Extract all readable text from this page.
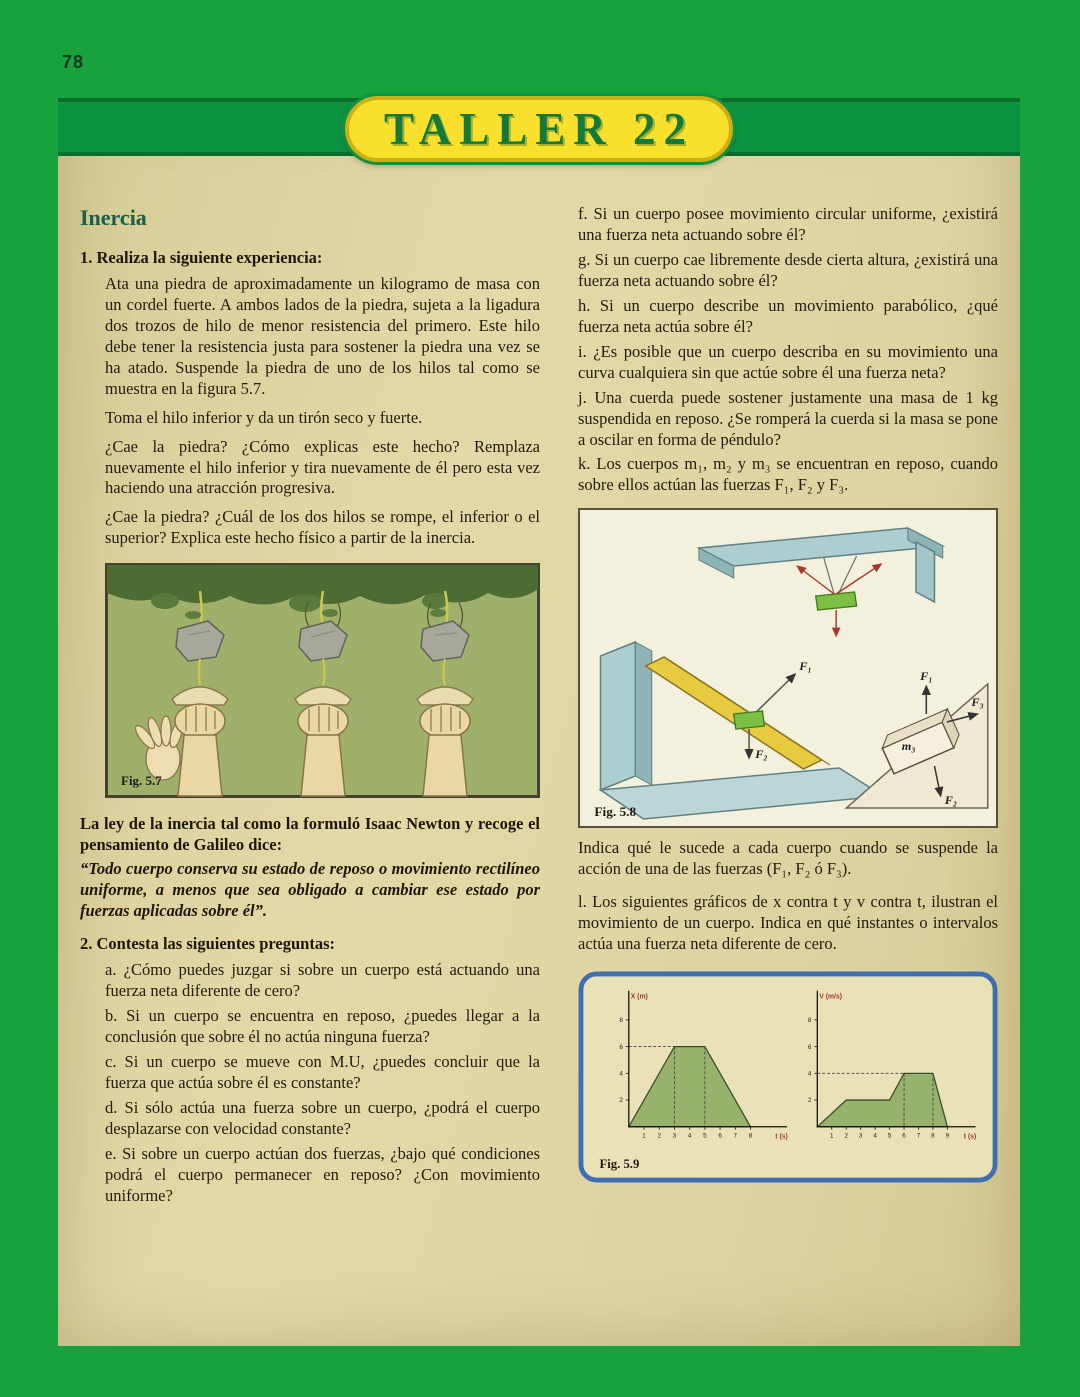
78
TALLER 22
Inercia

1. Realiza la siguiente experiencia:

Ata una piedra de aproximadamente un kilogramo de masa con un cordel fuerte. A ambos lados de la piedra, sujeta a la ligadura dos trozos de hilo de menor resistencia del primero. Este hilo debe tener la resistencia justa para sostener la piedra una vez se ha atado. Suspende la piedra de uno de los hilos tal como se muestra en la figura 5.7.

Toma el hilo inferior y da un tirón seco y fuerte.

¿Cae la piedra? ¿Cómo explicas este hecho? Remplaza nuevamente el hilo inferior y tira nuevamente de él pero esta vez haciendo una atracción progresiva.

¿Cae la piedra? ¿Cuál de los dos hilos se rompe, el inferior o el superior? Explica este hecho físico a partir de la inercia.

Fig. 5.7

La ley de la inercia tal como la formuló Isaac Newton y recoge el pensamiento de Galileo dice:

“Todo cuerpo conserva su estado de reposo o movimiento rectilíneo uniforme, a menos que sea obligado a cambiar ese estado por fuerzas aplicadas sobre él”.

2. Contesta las siguientes preguntas:

a. ¿Cómo puedes juzgar si sobre un cuerpo está actuando una fuerza neta diferente de cero?

b. Si un cuerpo se encuentra en reposo, ¿puedes llegar a la conclusión que sobre él no actúa ninguna fuerza?

c. Si un cuerpo se mueve con M.U, ¿puedes concluir que la fuerza que actúa sobre él es constante?

d. Si sólo actúa una fuerza sobre un cuerpo, ¿podrá el cuerpo desplazarse con velocidad constante?

e. Si sobre un cuerpo actúan dos fuerzas, ¿bajo qué condiciones podrá el cuerpo permanecer en reposo? ¿Con movimiento uniforme?

f. Si un cuerpo posee movimiento circular uniforme, ¿existirá una fuerza neta actuando sobre él?

g. Si un cuerpo cae libremente desde cierta altura, ¿existirá una fuerza neta actuando sobre él?

h. Si un cuerpo describe un movimiento parabólico, ¿qué fuerza neta actúa sobre él?

i. ¿Es posible que un cuerpo describa en su movimiento una curva cualquiera sin que actúe sobre él una fuerza neta?

j. Una cuerda puede sostener justamente una masa de 1 kg suspendida en reposo. ¿Se romperá la cuerda si la masa se pone a oscilar en forma de péndulo?

k. Los cuerpos m₁, m₂ y m₃ se encuentran en reposo, cuando sobre ellos actúan las fuerzas F₁, F₂ y F₃.

F₁
F₂
F₁
F₃
m₃
F₂
Fig. 5.8

Indica qué le sucede a cada cuerpo cuando se suspende la acción de una de las fuerzas (F₁, F₂ ó F₃).

l. Los siguientes gráficos de x contra t y v contra t, ilustran el movimiento de un cuerpo. Indica en qué instantes o intervalos actúa una fuerza neta diferente de cero.

1 2 3 4 5 6 7 8
2
4
6
8
X (m)
t (s)	1 2 3 4 5 6 7 8 9
2
4
6
8
V (m/s)
t (s)
Fig. 5.9
